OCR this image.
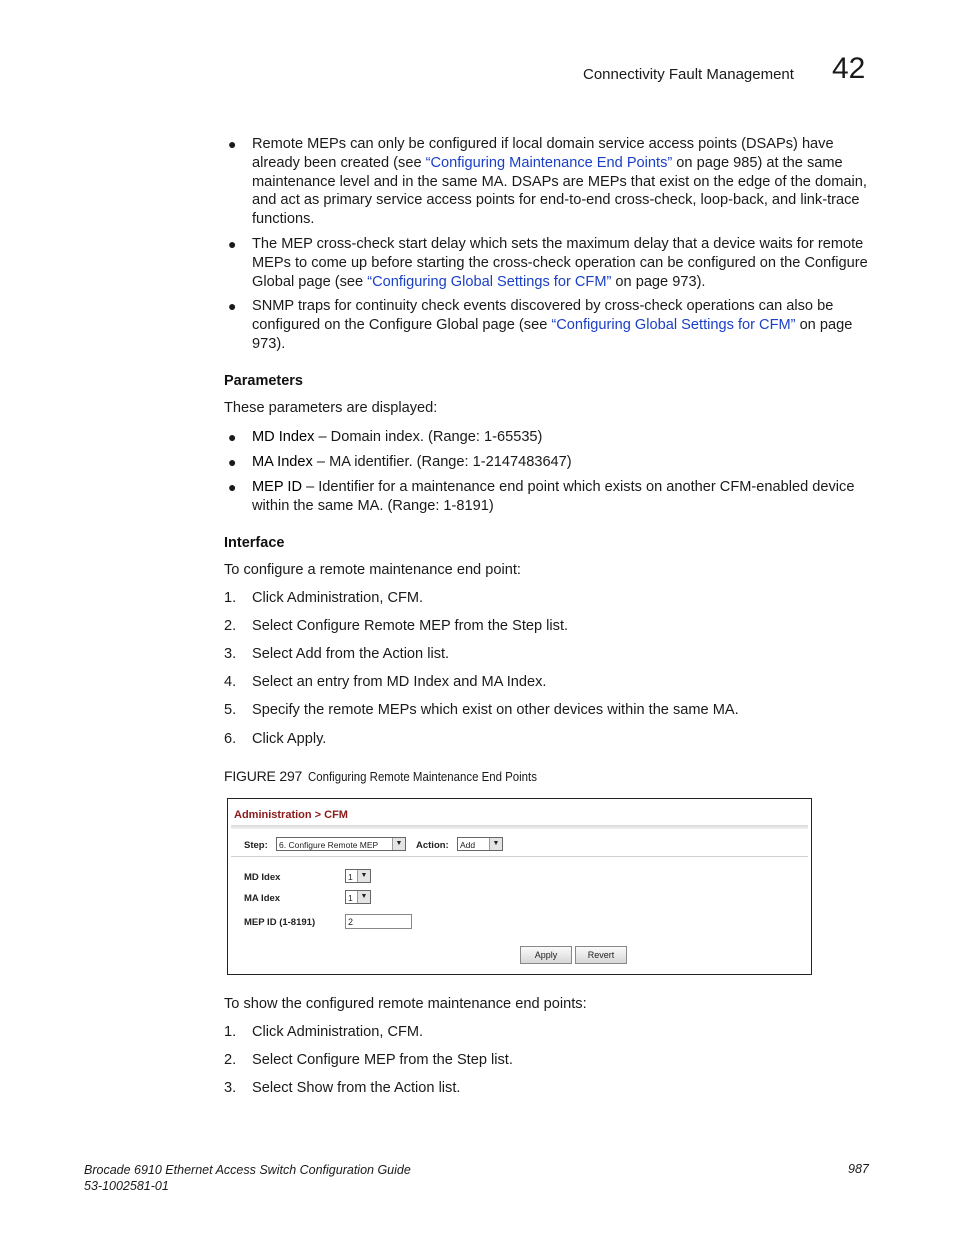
Connectivity Fault Management 42
● Remote MEPs can only be configured if local domain service access points (DSAPs) have already been created (see “Configuring Maintenance End Points” on page 985) at the same maintenance level and in the same MA. DSAPs are MEPs that exist on the edge of the domain, and act as primary service access points for end-to-end cross-check, loop-back, and link-trace functions.
● The MEP cross-check start delay which sets the maximum delay that a device waits for remote MEPs to come up before starting the cross-check operation can be configured on the Configure Global page (see “Configuring Global Settings for CFM” on page 973).
● SNMP traps for continuity check events discovered by cross-check operations can also be configured on the Configure Global page (see “Configuring Global Settings for CFM” on page 973).
Parameters
These parameters are displayed:
● MD Index – Domain index. (Range: 1-65535)
● MA Index – MA identifier. (Range: 1-2147483647)
● MEP ID – Identifier for a maintenance end point which exists on another CFM-enabled device within the same MA. (Range: 1-8191)
Interface
To configure a remote maintenance end point:
1. Click Administration, CFM.
2. Select Configure Remote MEP from the Step list.
3. Select Add from the Action list.
4. Select an entry from MD Index and MA Index.
5. Specify the remote MEPs which exist on other devices within the same MA.
6. Click Apply.
FIGURE 297 Configuring Remote Maintenance End Points
Administration > CFM
Step:	6. Configure Remote MEP	▼ Action:	Add	▼
MD Idex	1	▼
MA Idex	1	▼
MEP ID (1-8191)	2
Apply	Revert
To show the configured remote maintenance end points:
1. Click Administration, CFM.
2. Select Configure MEP from the Step list.
3. Select Show from the Action list.
Brocade 6910 Ethernet Access Switch Configuration Guide
53-1002581-01
987
